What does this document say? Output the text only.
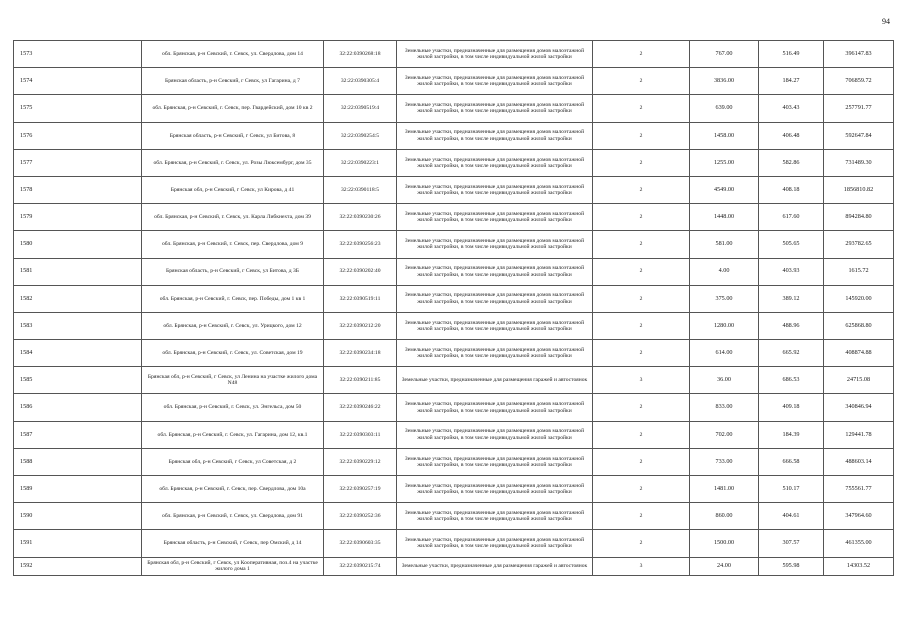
94
1573	обл. Брянская, р-н Севский, г. Севск, ул. Свердлова, дом 14	32:22:0390268:18	Земельные участки, предназначенные для размещения домов малоэтажной жилой застройки, в том числе индивидуальной жилой застройки	2	767.00	516.49	396147.83
1574	Брянская область, р-н Севский, г Севск, ул Гагарина, д 7	32:22:0390305:4	Земельные участки, предназначенные для размещения домов малоэтажной жилой застройки, в том числе индивидуальной жилой застройки	2	3836.00	184.27	706859.72
1575	обл. Брянская, р-н Севский, г. Севск, пер. Гвардейский, дом 10 кв 2	32:22:0390519:4	Земельные участки, предназначенные для размещения домов малоэтажной жилой застройки, в том числе индивидуальной жилой застройки	2	639.00	403.43	257791.77
1576	Брянская область, р-н Севский, г Севск, ул Битова, 8	32:22:0390254:5	Земельные участки, предназначенные для размещения домов малоэтажной жилой застройки, в том числе индивидуальной жилой застройки	2	1458.00	406.48	592647.84
1577	обл. Брянская, р-н Севский, г. Севск, ул. Розы Люксембург, дом 35	32:22:0390223:1	Земельные участки, предназначенные для размещения домов малоэтажной жилой застройки, в том числе индивидуальной жилой застройки	2	1255.00	582.86	731489.30
1578	Брянская обл, р-н Севский, г Севск, ул Кирова, д 41	32:22:0390118:5	Земельные участки, предназначенные для размещения домов малоэтажной жилой застройки, в том числе индивидуальной жилой застройки	2	4549.00	408.18	1856810.82
1579	обл. Брянская, р-н Севский, г. Севск, ул. Карла Либкнехта, дом 39	32:22:0390230:26	Земельные участки, предназначенные для размещения домов малоэтажной жилой застройки, в том числе индивидуальной жилой застройки	2	1448.00	617.60	894284.80
1580	обл. Брянская, р-н Севский, г. Севск, пер. Свердлова, дом 9	32:22:0390256:23	Земельные участки, предназначенные для размещения домов малоэтажной жилой застройки, в том числе индивидуальной жилой застройки	2	581.00	505.65	293782.65
1581	Брянская область, р-н Севский, г Севск, ул Битова, д 3Б	32:22:0390202:40	Земельные участки, предназначенные для размещения домов малоэтажной жилой застройки, в том числе индивидуальной жилой застройки	2	4.00	403.93	1615.72
1582	обл. Брянская, р-н Севский, г. Севск, пер. Победы, дом 1 кв 1	32:22:0390519:11	Земельные участки, предназначенные для размещения домов малоэтажной жилой застройки, в том числе индивидуальной жилой застройки	2	375.00	389.12	145920.00
1583	обл. Брянская, р-н Севский, г. Севск, ул. Урицкого, дом 12	32:22:0390212:20	Земельные участки, предназначенные для размещения домов малоэтажной жилой застройки, в том числе индивидуальной жилой застройки	2	1280.00	488.96	625868.80
1584	обл. Брянская, р-н Севский, г. Севск, ул. Советская, дом 19	32:22:0390234:18	Земельные участки, предназначенные для размещения домов малоэтажной жилой застройки, в том числе индивидуальной жилой застройки	2	614.00	665.92	408874.88
1585	Брянская обл, р-н Севский, г Севск, ул Ленина на участке жилого дома N48	32:22:0390211:85	Земельные участки, предназначенные для размещения гаражей и автостоянок	3	36.00	686.53	24715.08
1586	обл. Брянская, р-н Севский, г. Севск, ул. Энгельса, дом 50	32:22:0390246:22	Земельные участки, предназначенные для размещения домов малоэтажной жилой застройки, в том числе индивидуальной жилой застройки	2	833.00	409.18	340846.94
1587	обл. Брянская, р-н Севский, г. Севск, ул. Гагарина, дом 12, кв.1	32:22:0390303:11	Земельные участки, предназначенные для размещения домов малоэтажной жилой застройки, в том числе индивидуальной жилой застройки	2	702.00	184.39	129441.78
1588	Брянская обл, р-н Севский, г Севск, ул Советская, д 2	32:22:0390229:12	Земельные участки, предназначенные для размещения домов малоэтажной жилой застройки, в том числе индивидуальной жилой застройки	2	733.00	666.58	488603.14
1589	обл. Брянская, р-н Севский, г. Севск, пер. Свердлова, дом 10а	32:22:0390257:19	Земельные участки, предназначенные для размещения домов малоэтажной жилой застройки, в том числе индивидуальной жилой застройки	2	1481.00	510.17	755561.77
1590	обл. Брянская, р-н Севский, г. Севск, ул. Свердлова, дом 91	32:22:0390252:36	Земельные участки, предназначенные для размещения домов малоэтажной жилой застройки, в том числе индивидуальной жилой застройки	2	860.00	404.61	347964.60
1591	Брянская область, р-н Севский, г Севск, пер Омский, д 14	32:22:0390603:35	Земельные участки, предназначенные для размещения домов малоэтажной жилой застройки, в том числе индивидуальной жилой застройки	2	1500.00	307.57	461355.00
1592	Брянская обл, р-н Севский, г Севск, ул Кооперативная, поз.4 на участке жилого дома 1	32:22:0390215:74	Земельные участки, предназначенные для размещения гаражей и автостоянок	3	24.00	595.98	14303.52
